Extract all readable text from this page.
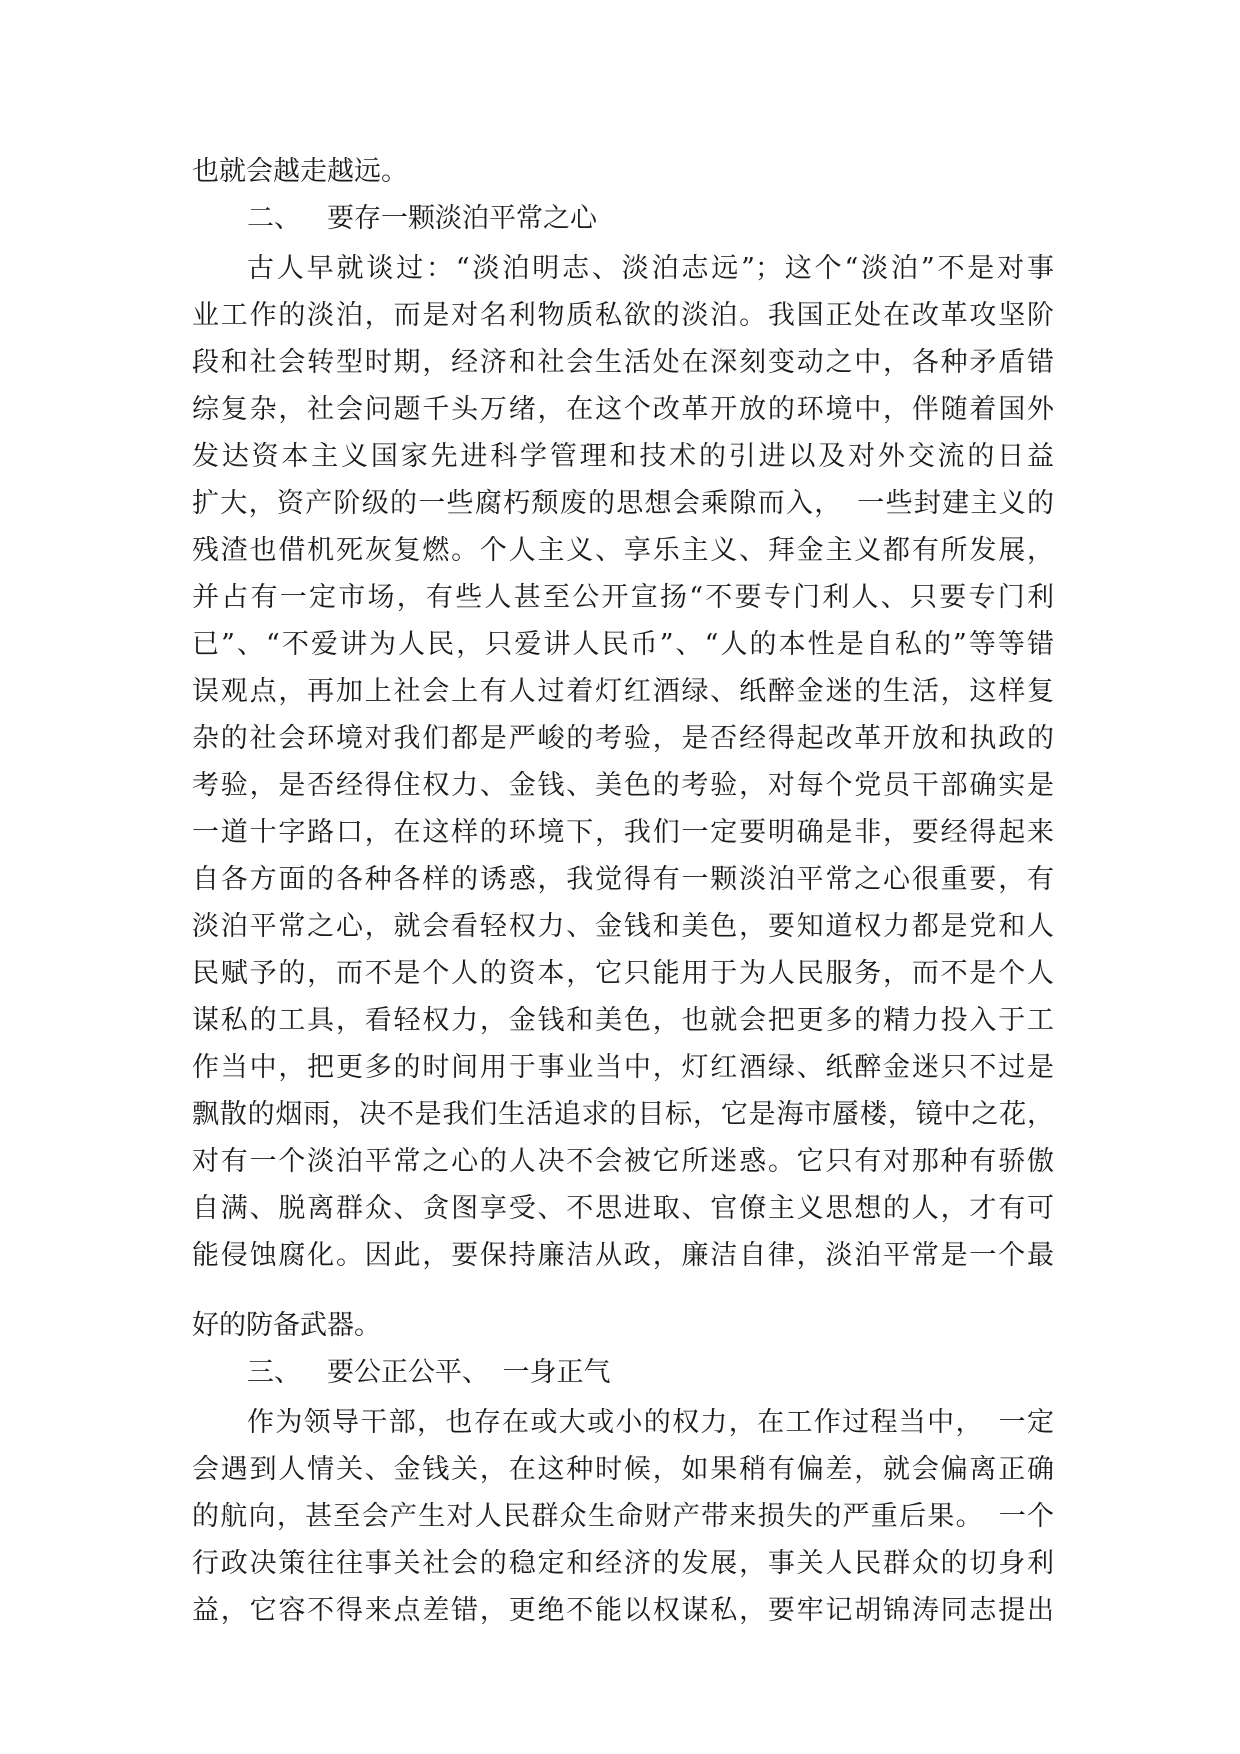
也就会越走越远。
二、 要存一颗淡泊平常之心
古人早就谈过：“淡泊明志、淡泊志远”；这个“淡泊”不是对事
业工作的淡泊，而是对名利物质私欲的淡泊。我国正处在改革攻坚阶
段和社会转型时期，经济和社会生活处在深刻变动之中，各种矛盾错
综复杂，社会问题千头万绪，在这个改革开放的环境中，伴随着国外
发达资本主义国家先进科学管理和技术的引进以及对外交流的日益
扩大，资产阶级的一些腐朽颓废的思想会乘隙而入，　一些封建主义的
残渣也借机死灰复燃。个人主义、享乐主义、拜金主义都有所发展，
并占有一定市场，有些人甚至公开宣扬“不要专门利人、只要专门利
已”、“不爱讲为人民，只爱讲人民币”、“人的本性是自私的”等等错
误观点，再加上社会上有人过着灯红酒绿、纸醉金迷的生活，这样复
杂的社会环境对我们都是严峻的考验，是否经得起改革开放和执政的
考验，是否经得住权力、金钱、美色的考验，对每个党员干部确实是
一道十字路口，在这样的环境下，我们一定要明确是非，要经得起来
自各方面的各种各样的诱惑，我觉得有一颗淡泊平常之心很重要，有
淡泊平常之心，就会看轻权力、金钱和美色，要知道权力都是党和人
民赋予的，而不是个人的资本，它只能用于为人民服务，而不是个人
谋私的工具，看轻权力，金钱和美色，也就会把更多的精力投入于工
作当中，把更多的时间用于事业当中，灯红酒绿、纸醉金迷只不过是
飘散的烟雨，决不是我们生活追求的目标，它是海市蜃楼，镜中之花，
对有一个淡泊平常之心的人决不会被它所迷惑。它只有对那种有骄傲
自满、脱离群众、贪图享受、不思进取、官僚主义思想的人，才有可
能侵蚀腐化。因此，要保持廉洁从政，廉洁自律，淡泊平常是一个最
好的防备武器。
三、 要公正公平、　一身正气
作为领导干部，也存在或大或小的权力，在工作过程当中，　一定
会遇到人情关、金钱关，在这种时候，如果稍有偏差，就会偏离正确
的航向，甚至会产生对人民群众生命财产带来损失的严重后果。　一个
行政决策往往事关社会的稳定和经济的发展，事关人民群众的切身利
益，它容不得来点差错，更绝不能以权谋私，要牢记胡锦涛同志提出
